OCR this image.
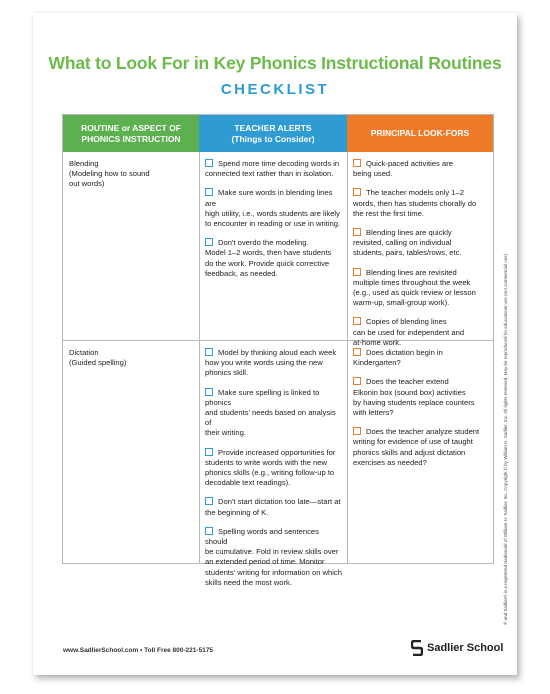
What to Look For in Key Phonics Instructional Routines
CHECKLIST
ROUTINE or ASPECT OF
PHONICS INSTRUCTION
TEACHER ALERTS
(Things to Consider)
PRINCIPAL LOOK-FORS
Blending
(Modeling how to sound
out words)
Spend more time decoding words in
connected text rather than in isolation.
Make sure words in blending lines are
high utility, i.e., words students are likely
to encounter in reading or use in writing.
Don't overdo the modeling.
Model 1–2 words, then have students
do the work. Provide quick corrective
feedback, as needed.
Quick-paced activities are
being used.
The teacher models only 1–2
words, then has students chorally do
the rest the first time.
Blending lines are quickly
revisited, calling on individual
students, pairs, tables/rows, etc.
Blending lines are revisited
multiple times throughout the week
(e.g., used as quick review or lesson
warm-up, small-group work).
Copies of blending lines
can be used for independent and
at-home work.
Dictation
(Guided spelling)
Model by thinking aloud each week
how you write words using the new
phonics skill.
Make sure spelling is linked to phonics
and students' needs based on analysis of
their writing.
Provide increased opportunities for
students to write words with the new
phonics skills (e.g., writing follow-up to
decodable text readings).
Don't start dictation too late—start at
the beginning of K.
Spelling words and sentences should
be cumulative. Fold in review skills over
an extended period of time. Monitor
students' writing for information on which
skills need the most work.
Does dictation begin in
Kindergarten?
Does the teacher extend
Elkonin box (sound box) activities
by having students replace counters
with letters?
Does the teacher analyze student
writing for evidence of use of taught
phonics skills and adjust dictation
exercises as needed?
www.SadlierSchool.com • Toll Free 800-221-5175	Sadlier School
® and Sadlier® is a registered trademark of William H. Sadlier, Inc. Copyright © by William H. Sadlier, Inc. All rights reserved. May be reproduced for educational use (not commercial use).
